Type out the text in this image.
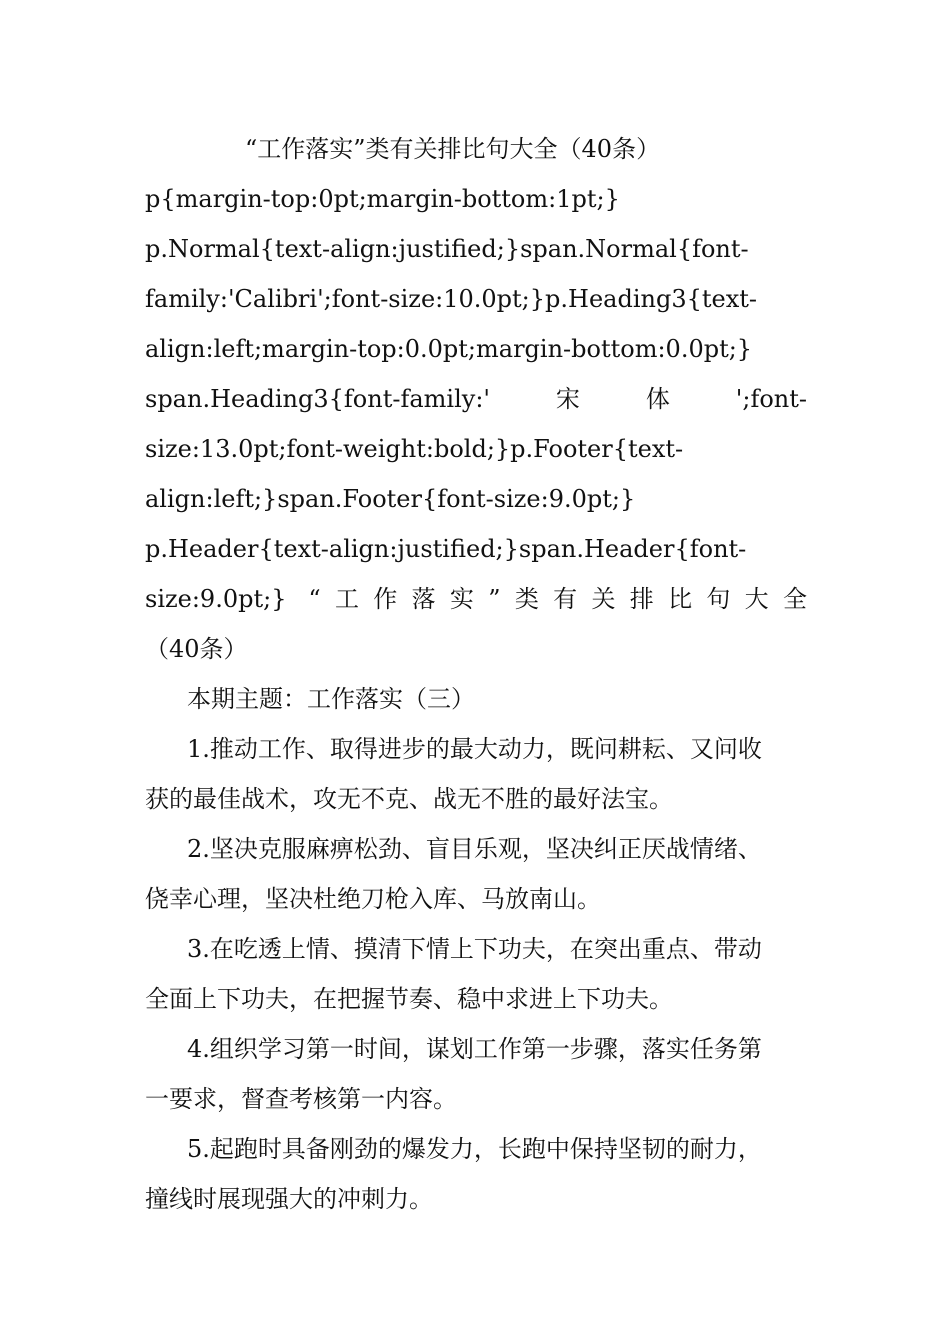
“工作落实”类有关排比句大全（40条）
p{margin-top:0pt;margin-bottom:1pt;}
p.Normal{text-align:justified;}span.Normal{font-
family:'Calibri';font-size:10.0pt;}p.Heading3{text-
align:left;margin-top:0.0pt;margin-bottom:0.0pt;}
span.Heading3{font-family:'宋体';font-
size:13.0pt;font-weight:bold;}p.Footer{text-
align:left;}span.Footer{font-size:9.0pt;}
p.Header{text-align:justified;}span.Header{font-
size:9.0pt;} “工作落实”类有关排比句大全
（40条）
本期主题：工作落实（三）
1.推动工作、取得进步的最大动力，既问耕耘、又问收
获的最佳战术，攻无不克、战无不胜的最好法宝。
2.坚决克服麻痹松劲、盲目乐观，坚决纠正厌战情绪、
侥幸心理，坚决杜绝刀枪入库、马放南山。
3.在吃透上情、摸清下情上下功夫，在突出重点、带动
全面上下功夫，在把握节奏、稳中求进上下功夫。
4.组织学习第一时间，谋划工作第一步骤，落实任务第
一要求，督查考核第一内容。
5.起跑时具备刚劲的爆发力，长跑中保持坚韧的耐力，
撞线时展现强大的冲刺力。
